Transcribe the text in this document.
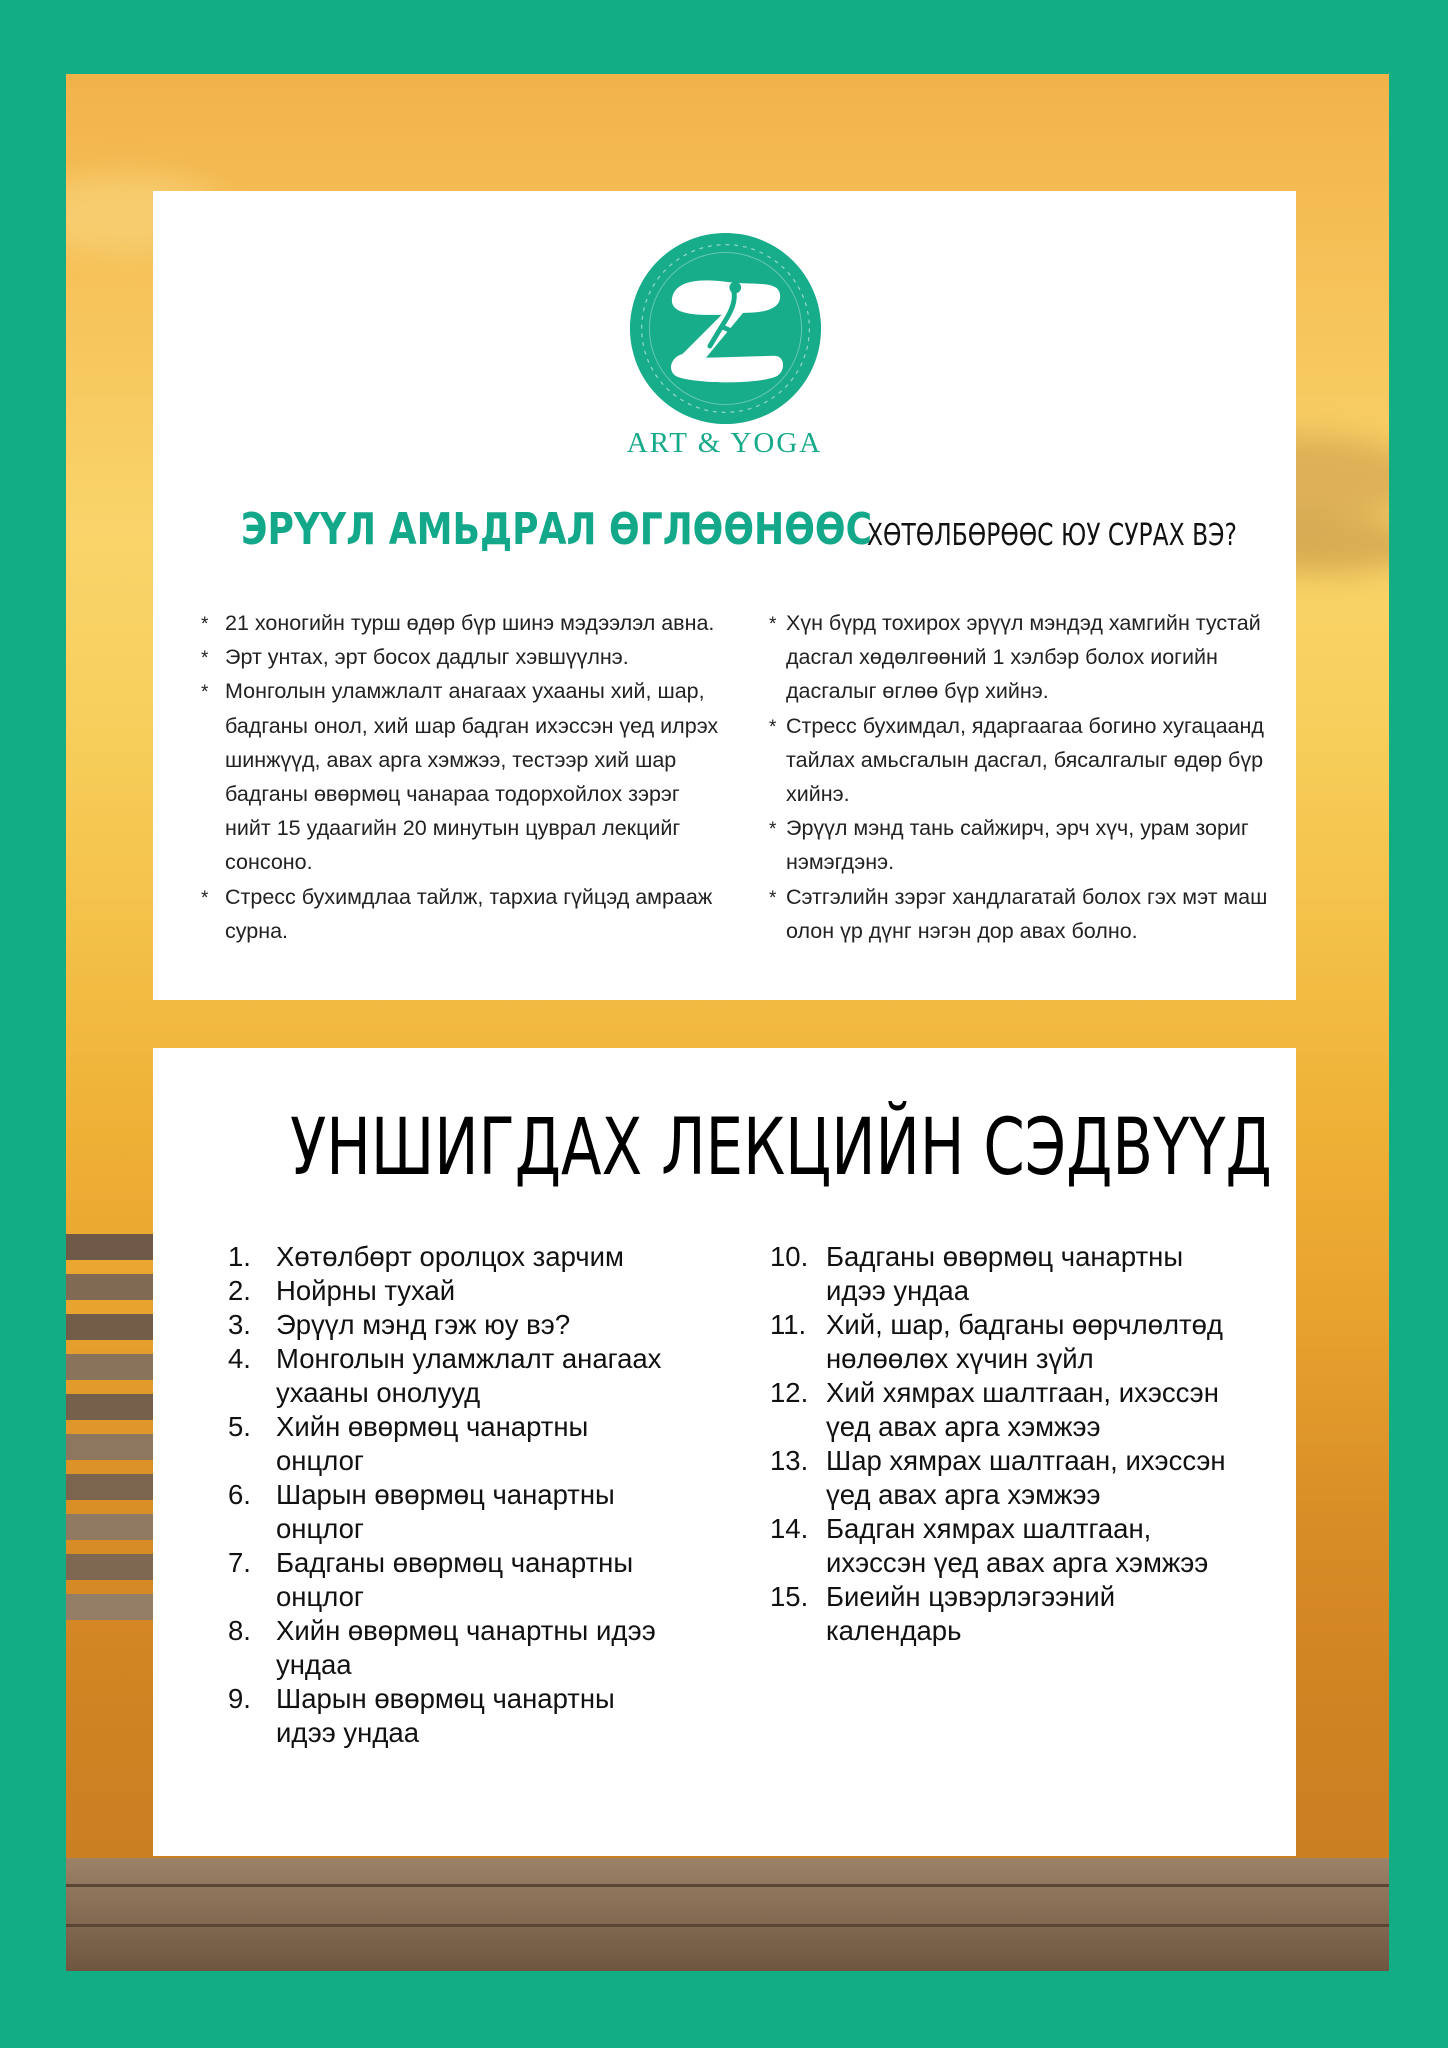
ART & YOGA
ЭРҮҮЛ АМЬДРАЛ ӨГЛӨӨНӨӨС
ХӨТӨЛБӨРӨӨС ЮУ СУРАХ ВЭ?
* 21 хоногийн турш өдөр бүр шинэ мэдээлэл авна.
* Эрт унтах, эрт босох дадлыг хэвшүүлнэ.
* Монголын уламжлалт анагаах ухааны хий, шар, бадганы онол, хий шар бадган ихэссэн үед илрэх шинжүүд, авах арга хэмжээ, тестээр хий шар бадганы өвөрмөц чанараа тодорхойлох зэрэг нийт 15 удаагийн 20 минутын цуврал лекцийг сонсоно.
* Стресс бухимдлаа тайлж, тархиа гүйцэд амрааж сурна.
* Хүн бүрд тохирох эрүүл мэндэд хамгийн тустай дасгал хөдөлгөөний 1 хэлбэр болох иогийн дасгалыг өглөө бүр хийнэ.
* Стресс бухимдал, ядаргаагаа богино хугацаанд тайлах амьсгалын дасгал, бясалгалыг өдөр бүр хийнэ.
* Эрүүл мэнд тань сайжирч, эрч хүч, урам зориг нэмэгдэнэ.
* Сэтгэлийн зэрэг хандлагатай болох гэх мэт маш олон үр дүнг нэгэн дор авах болно.
УНШИГДАХ ЛЕКЦИЙН СЭДВҮҮД
1. Хөтөлбөрт оролцох зарчим
2. Нойрны тухай
3. Эрүүл мэнд гэж юу вэ?
4. Монголын уламжлалт анагаах ухааны онолууд
5. Хийн өвөрмөц чанартны онцлог
6. Шарын өвөрмөц чанартны онцлог
7. Бадганы өвөрмөц чанартны онцлог
8. Хийн өвөрмөц чанартны идээ ундаа
9. Шарын өвөрмөц чанартны идээ ундаа
10. Бадганы өвөрмөц чанартны идээ ундаа
11. Хий, шар, бадганы өөрчлөлтөд нөлөөлөх хүчин зүйл
12. Хий хямрах шалтгаан, ихэссэн үед авах арга хэмжээ
13. Шар хямрах шалтгаан, ихэссэн үед авах арга хэмжээ
14. Бадган хямрах шалтгаан, ихэссэн үед авах арга хэмжээ
15. Биеийн цэвэрлэгээний календарь
